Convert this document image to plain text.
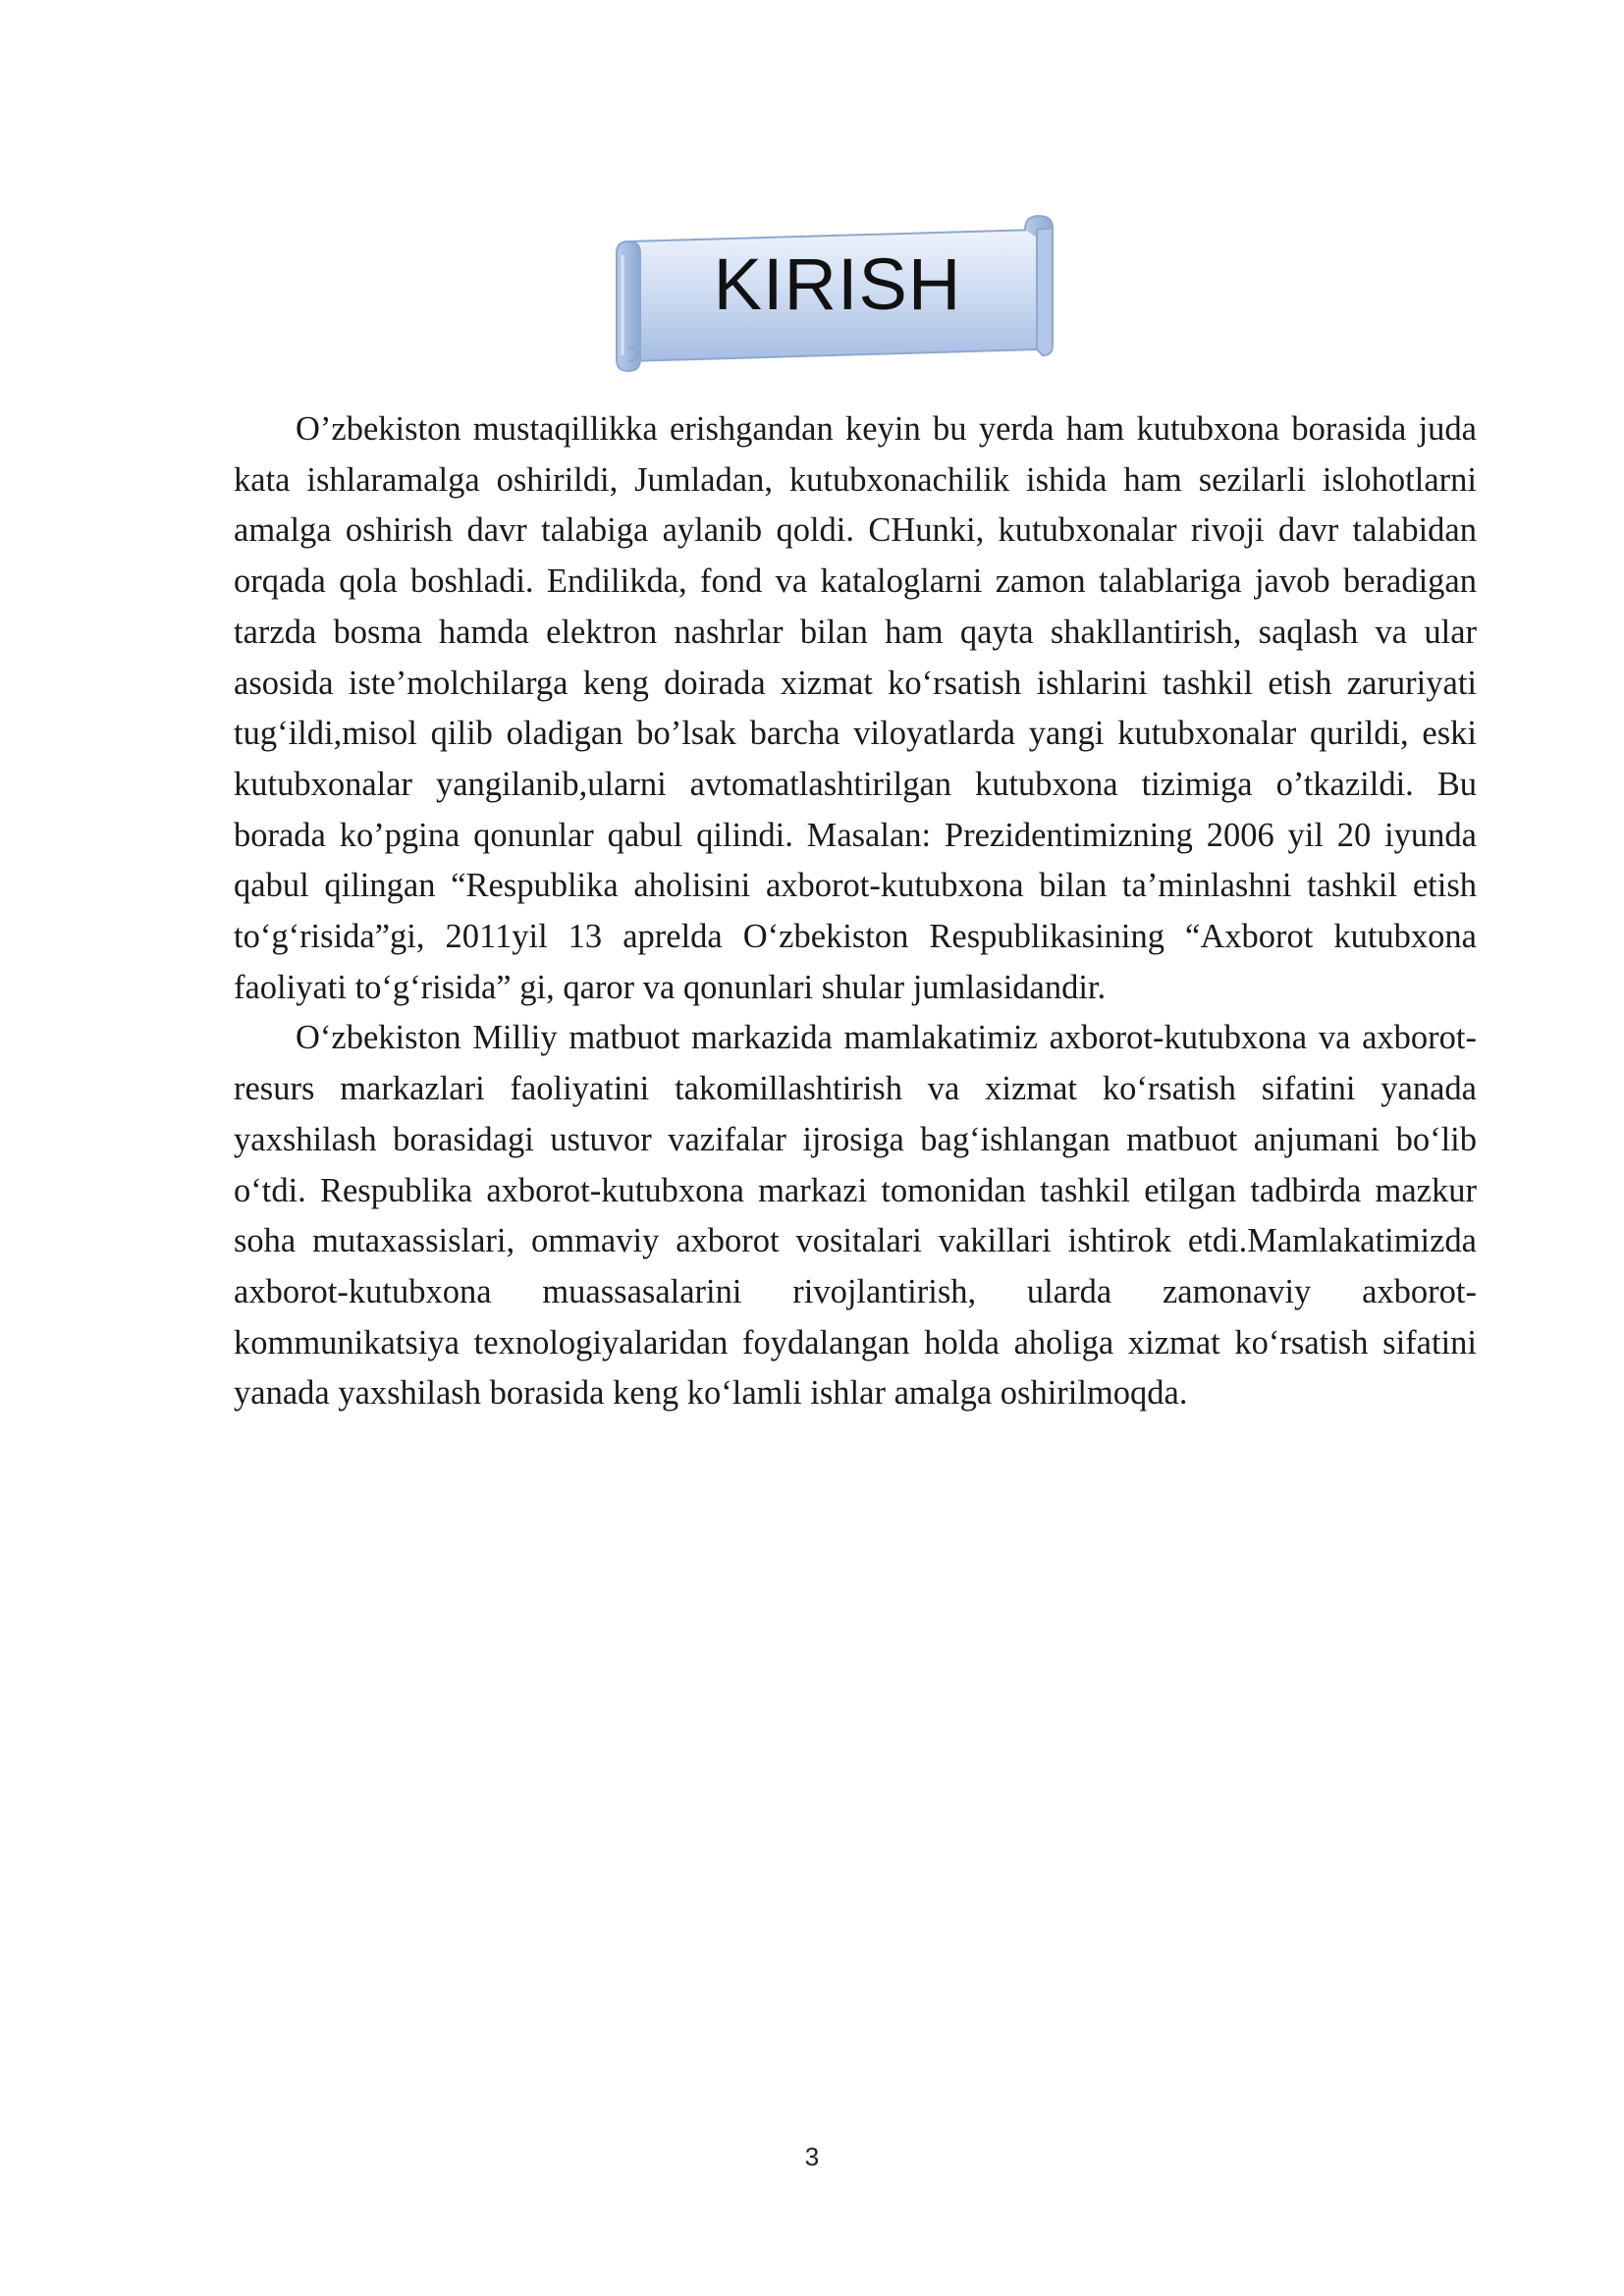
KIRISH

O’zbekiston mustaqillikka erishgandan keyin bu yerda ham kutubxona borasida juda kata ishlaramalga oshirildi, Jumladan, kutubxonachilik ishida ham sezilarli islohotlarni amalga oshirish davr talabiga aylanib qoldi. CHunki, kutubxonalar rivoji davr talabidan orqada qola boshladi. Endilikda, fond va kataloglarni zamon talablariga javob beradigan tarzda bosma hamda elektron nashrlar bilan ham qayta shakllantirish, saqlash va ular asosida iste’molchilarga keng doirada xizmat ko‘rsatish ishlarini tashkil etish zaruriyati tug‘ildi,misol qilib oladigan bo’lsak barcha viloyatlarda yangi kutubxonalar qurildi, eski kutubxonalar yangilanib,ularni avtomatlashtirilgan kutubxona tizimiga o’tkazildi. Bu borada ko’pgina qonunlar qabul qilindi. Masalan: Prezidentimizning 2006 yil 20 iyunda qabul qilingan “Respublika aholisini axborot-kutubxona bilan ta’minlashni tashkil etish to‘g‘risida”gi, 2011yil 13 aprelda O‘zbekiston Respublikasining “Axborot kutubxona faoliyati to‘g‘risida” gi, qaror va qonunlari shular jumlasidandir.

O‘zbekiston Milliy matbuot markazida mamlakatimiz axborot-kutubxona va axborot-resurs markazlari faoliyatini takomillashtirish va xizmat ko‘rsatish sifatini yanada yaxshilash borasidagi ustuvor vazifalar ijrosiga bag‘ishlangan matbuot anjumani bo‘lib o‘tdi. Respublika axborot-kutubxona markazi tomonidan tashkil etilgan tadbirda mazkur soha mutaxassislari, ommaviy axborot vositalari vakillari ishtirok etdi.Mamlakatimizda axborot-kutubxona muassasalarini rivojlantirish, ularda zamonaviy axborot-kommunikatsiya texnologiyalaridan foydalangan holda aholiga xizmat ko‘rsatish sifatini yanada yaxshilash borasida keng ko‘lamli ishlar amalga oshirilmoqda.

3
